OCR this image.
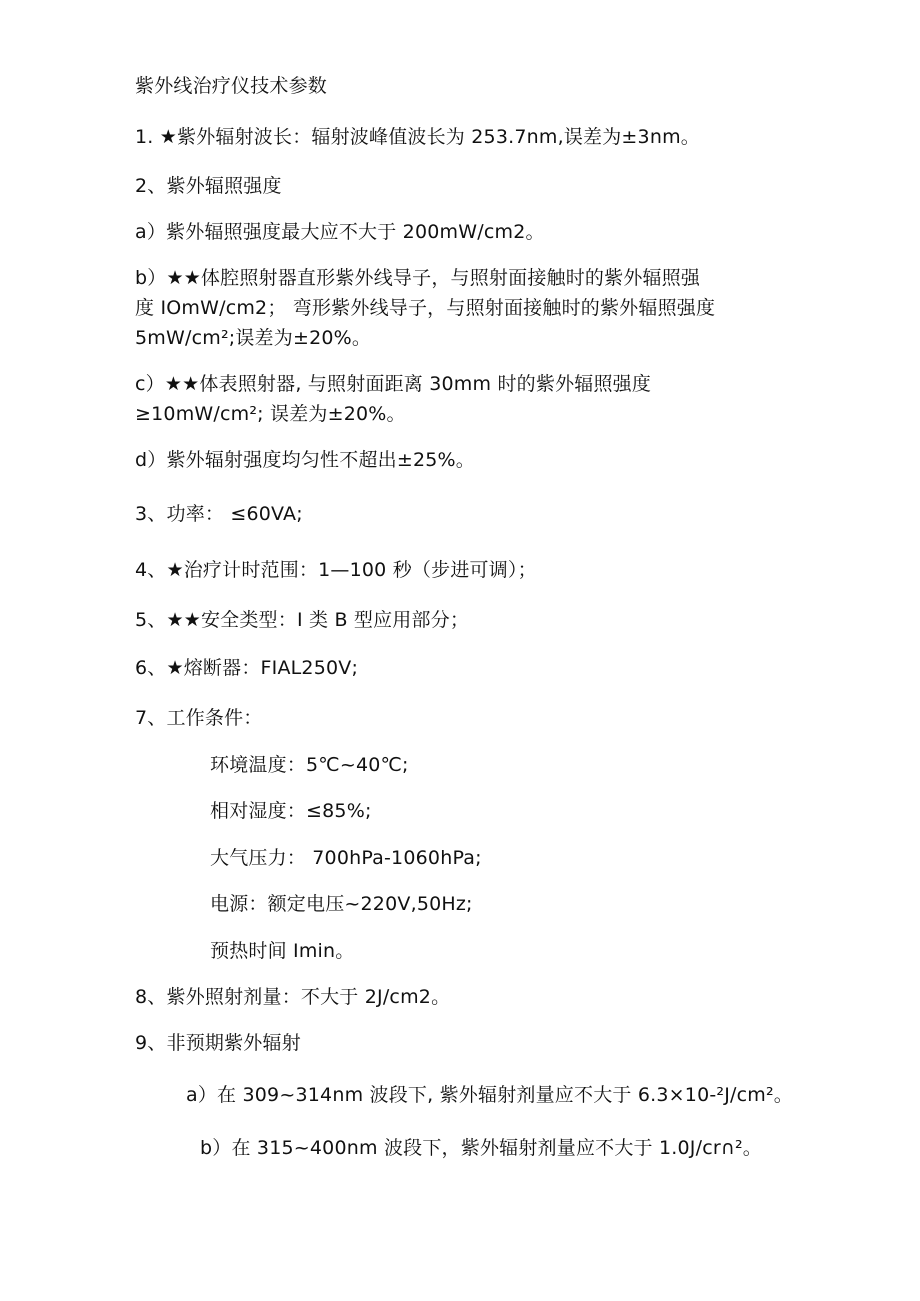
紫外线治疗仪技术参数

1. ★紫外辐射波长：辐射波峰值波长为 253.7nm,误差为±3nm。

2、紫外辐照强度

a）紫外辐照强度最大应不大于 200mW∕cm2。

b）★★体腔照射器直形紫外线导子，与照射面接触时的紫外辐照强

度 IOmW/cm2； 弯形紫外线导子，与照射面接触时的紫外辐照强度

5mW∕cm²;误差为±20%。

c）★★体表照射器, 与照射面距离 30mm 时的紫外辐照强度

≥10mW∕cm²; 误差为±20%。

d）紫外辐射强度均匀性不超出±25%。

3、功率： ≤60VA;

4、★治疗计时范围：1—100 秒（步进可调）；

5、★★安全类型：I 类 B 型应用部分；

6、★熔断器：FIAL250V;

7、工作条件：

环境温度：5℃~40℃;

相对湿度：≤85%;

大气压力： 700hPa-1060hPa;

电源：额定电压~220V,50Hz;

预热时间 Imin。

8、紫外照射剂量：不大于 2J∕cm2。

9、非预期紫外辐射

a）在 309~314nm 波段下, 紫外辐射剂量应不大于 6.3×10-²J∕cm²。

b）在 315~400nm 波段下，紫外辐射剂量应不大于 1.0J∕cr∩²。
